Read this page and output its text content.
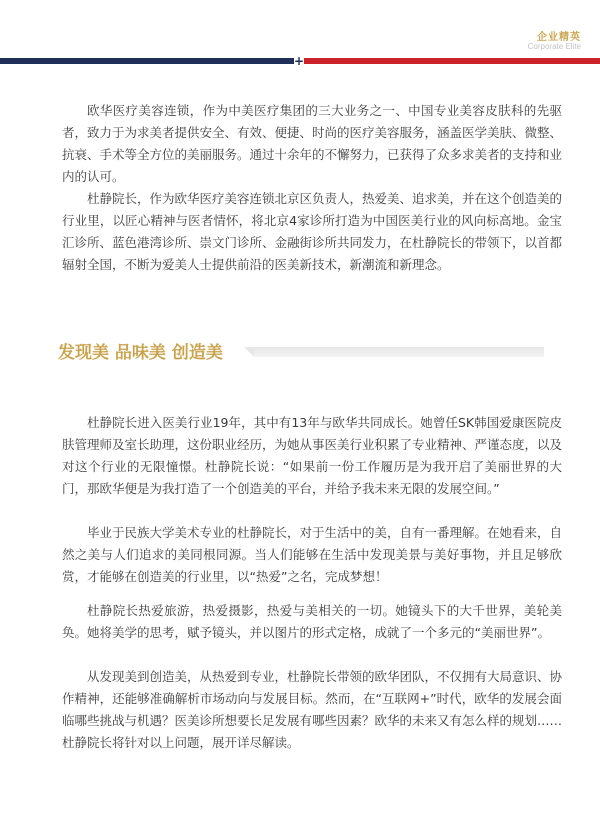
企业精英
Corporate Elite
+

欧华医疗美容连锁，作为中美医疗集团的三大业务之一、中国专业美容皮肤科的先驱者，致力于为求美者提供安全、有效、便捷、时尚的医疗美容服务，涵盖医学美肤、微整、抗衰、手术等全方位的美丽服务。通过十余年的不懈努力，已获得了众多求美者的支持和业内的认可。

杜静院长，作为欧华医疗美容连锁北京区负责人，热爱美、追求美，并在这个创造美的行业里，以匠心精神与医者情怀，将北京4家诊所打造为中国医美行业的风向标高地。金宝汇诊所、蓝色港湾诊所、崇文门诊所、金融街诊所共同发力，在杜静院长的带领下，以首都辐射全国，不断为爱美人士提供前沿的医美新技术，新潮流和新理念。

发现美 品味美 创造美

杜静院长进入医美行业19年，其中有13年与欧华共同成长。她曾任SK韩国爱康医院皮肤管理师及室长助理，这份职业经历，为她从事医美行业积累了专业精神、严谨态度，以及对这个行业的无限憧憬。杜静院长说：“如果前一份工作履历是为我开启了美丽世界的大门，那欧华便是为我打造了一个创造美的平台，并给予我未来无限的发展空间。”

毕业于民族大学美术专业的杜静院长，对于生活中的美，自有一番理解。在她看来，自然之美与人们追求的美同根同源。当人们能够在生活中发现美景与美好事物，并且足够欣赏，才能够在创造美的行业里，以“热爱”之名，完成梦想！

杜静院长热爱旅游，热爱摄影，热爱与美相关的一切。她镜头下的大千世界，美轮美奂。她将美学的思考，赋予镜头，并以图片的形式定格，成就了一个多元的“美丽世界”。

从发现美到创造美，从热爱到专业，杜静院长带领的欧华团队，不仅拥有大局意识、协作精神，还能够准确解析市场动向与发展目标。然而，在“互联网+”时代，欧华的发展会面临哪些挑战与机遇？医美诊所想要长足发展有哪些因素？欧华的未来又有怎么样的规划……杜静院长将针对以上问题，展开详尽解读。
